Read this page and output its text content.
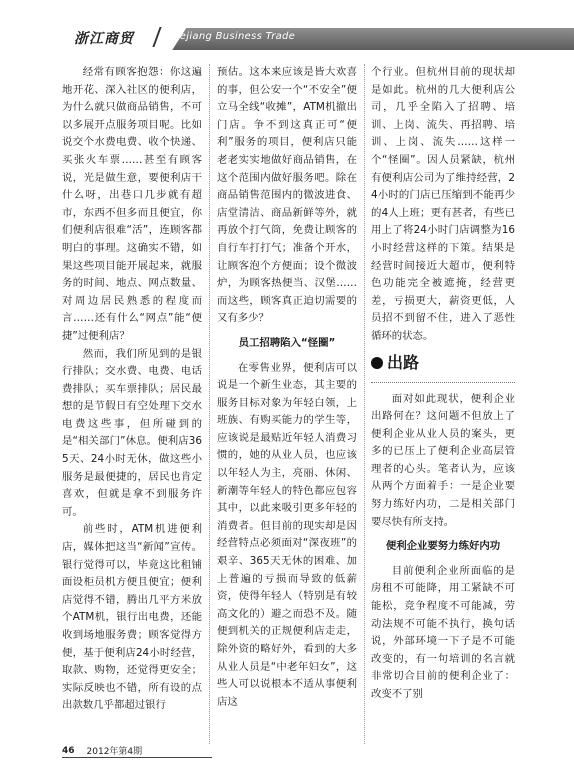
浙江商贸	Zhejiang Business Trade

经常有顾客抱怨：你这遍地开花、深入社区的便利店，为什么就只做商品销售，不可以多展开点服务项目呢。比如说交个水费电费、收个快递、买张火车票……甚至有顾客说，光是做生意，要便利店干什么呀，出巷口几步就有超市，东西不但多而且便宜，你们便利店很难“活”，连顾客都明白的事理。这确实不错，如果这些项目能开展起来，就服务的时间、地点、网点数量、对周边居民熟悉的程度而言……还有什么“网点”能“便捷”过便利店？

然而，我们所见到的是银行排队；交水费、电费、电话费排队；买车票排队；居民最想的是节假日有空处理下交水电费这些事，但所碰到的是“相关部门”休息。便利店365天、24小时无休，做这些小服务是最便捷的，居民也肯定喜欢，但就是拿不到服务许可。

前些时，ATM机进便利店，媒体把这当“新闻”宣传。银行觉得可以，毕竟这比租铺面设柜员机方便且便宜；便利店觉得不错，腾出几平方米放个ATM机，银行出电费，还能收到场地服务费；顾客觉得方便，基于便利店24小时经营，取款、购物，还觉得更安全；实际反映也不错，所有设的点出款数几乎都超过银行

预估。这本来应该是皆大欢喜的事，但公安一个“不安全”便立马全线“收摊”，ATM机撤出门店。争不到这真正可“便利”服务的项目，便利店只能老老实实地做好商品销售，在这个范围内做好服务吧。除在商品销售范围内的微波进食、店堂清洁、商品新鲜等外，就再放个打气筒，免费让顾客的自行车打打气；准备个开水，让顾客泡个方便面；设个微波炉，为顾客热便当、汉堡……而这些，顾客真正迫切需要的又有多少？

员工招聘陷入“怪圈”

在零售业界，便利店可以说是一个新生业态，其主要的服务目标对象为年轻白领，上班族、有购买能力的学生等，应该说是最贴近年轻人消费习惯的，她的从业人员，也应该以年轻人为主，亮丽、休闲、新潮等年轻人的特色都应包容其中，以此来吸引更多年轻的消费者。但目前的现实却是因经营特点必须面对“深夜班”的艰辛、365天无休的困难、加上普遍的亏损而导致的低薪资，使得年轻人（特别是有较高文化的）避之而恐不及。随便到机关的正规便利店走走，除外资的略好外，看到的大多从业人员是“中老年妇女”，这些人可以说根本不适从事便利店这

个行业。但杭州目前的现状却是如此。杭州的几大便利店公司，几乎全陷入了招聘、培训、上岗、流失、再招聘、培训、上岗、流失……这样一个“怪圈”。因人员紧缺，杭州有便利店公司为了维持经营，24小时的门店已压缩到不能再少的4人上班；更有甚者，有些已用上了将24小时门店调整为16小时经营这样的下策。结果是经营时间接近大超市，便利特色功能完全被遮掩，经营更差，亏损更大，薪资更低，人员招不到留不住，进入了恶性循环的状态。

出路

面对如此现状，便利企业出路何在？这问题不但放上了便利企业从业人员的案头，更多的已压上了便利企业高层管理者的心头。笔者认为，应该从两个方面着手：一是企业要努力练好内功，二是相关部门要尽快有所支持。

便利企业要努力练好内功

目前便利企业所面临的是房租不可能降，用工紧缺不可能松，竞争程度不可能减，劳动法规不可能不执行，换句话说，外部环境一下子是不可能改变的，有一句培训的名言就非常切合目前的便利企业了：改变不了别

46 2012年第4期
